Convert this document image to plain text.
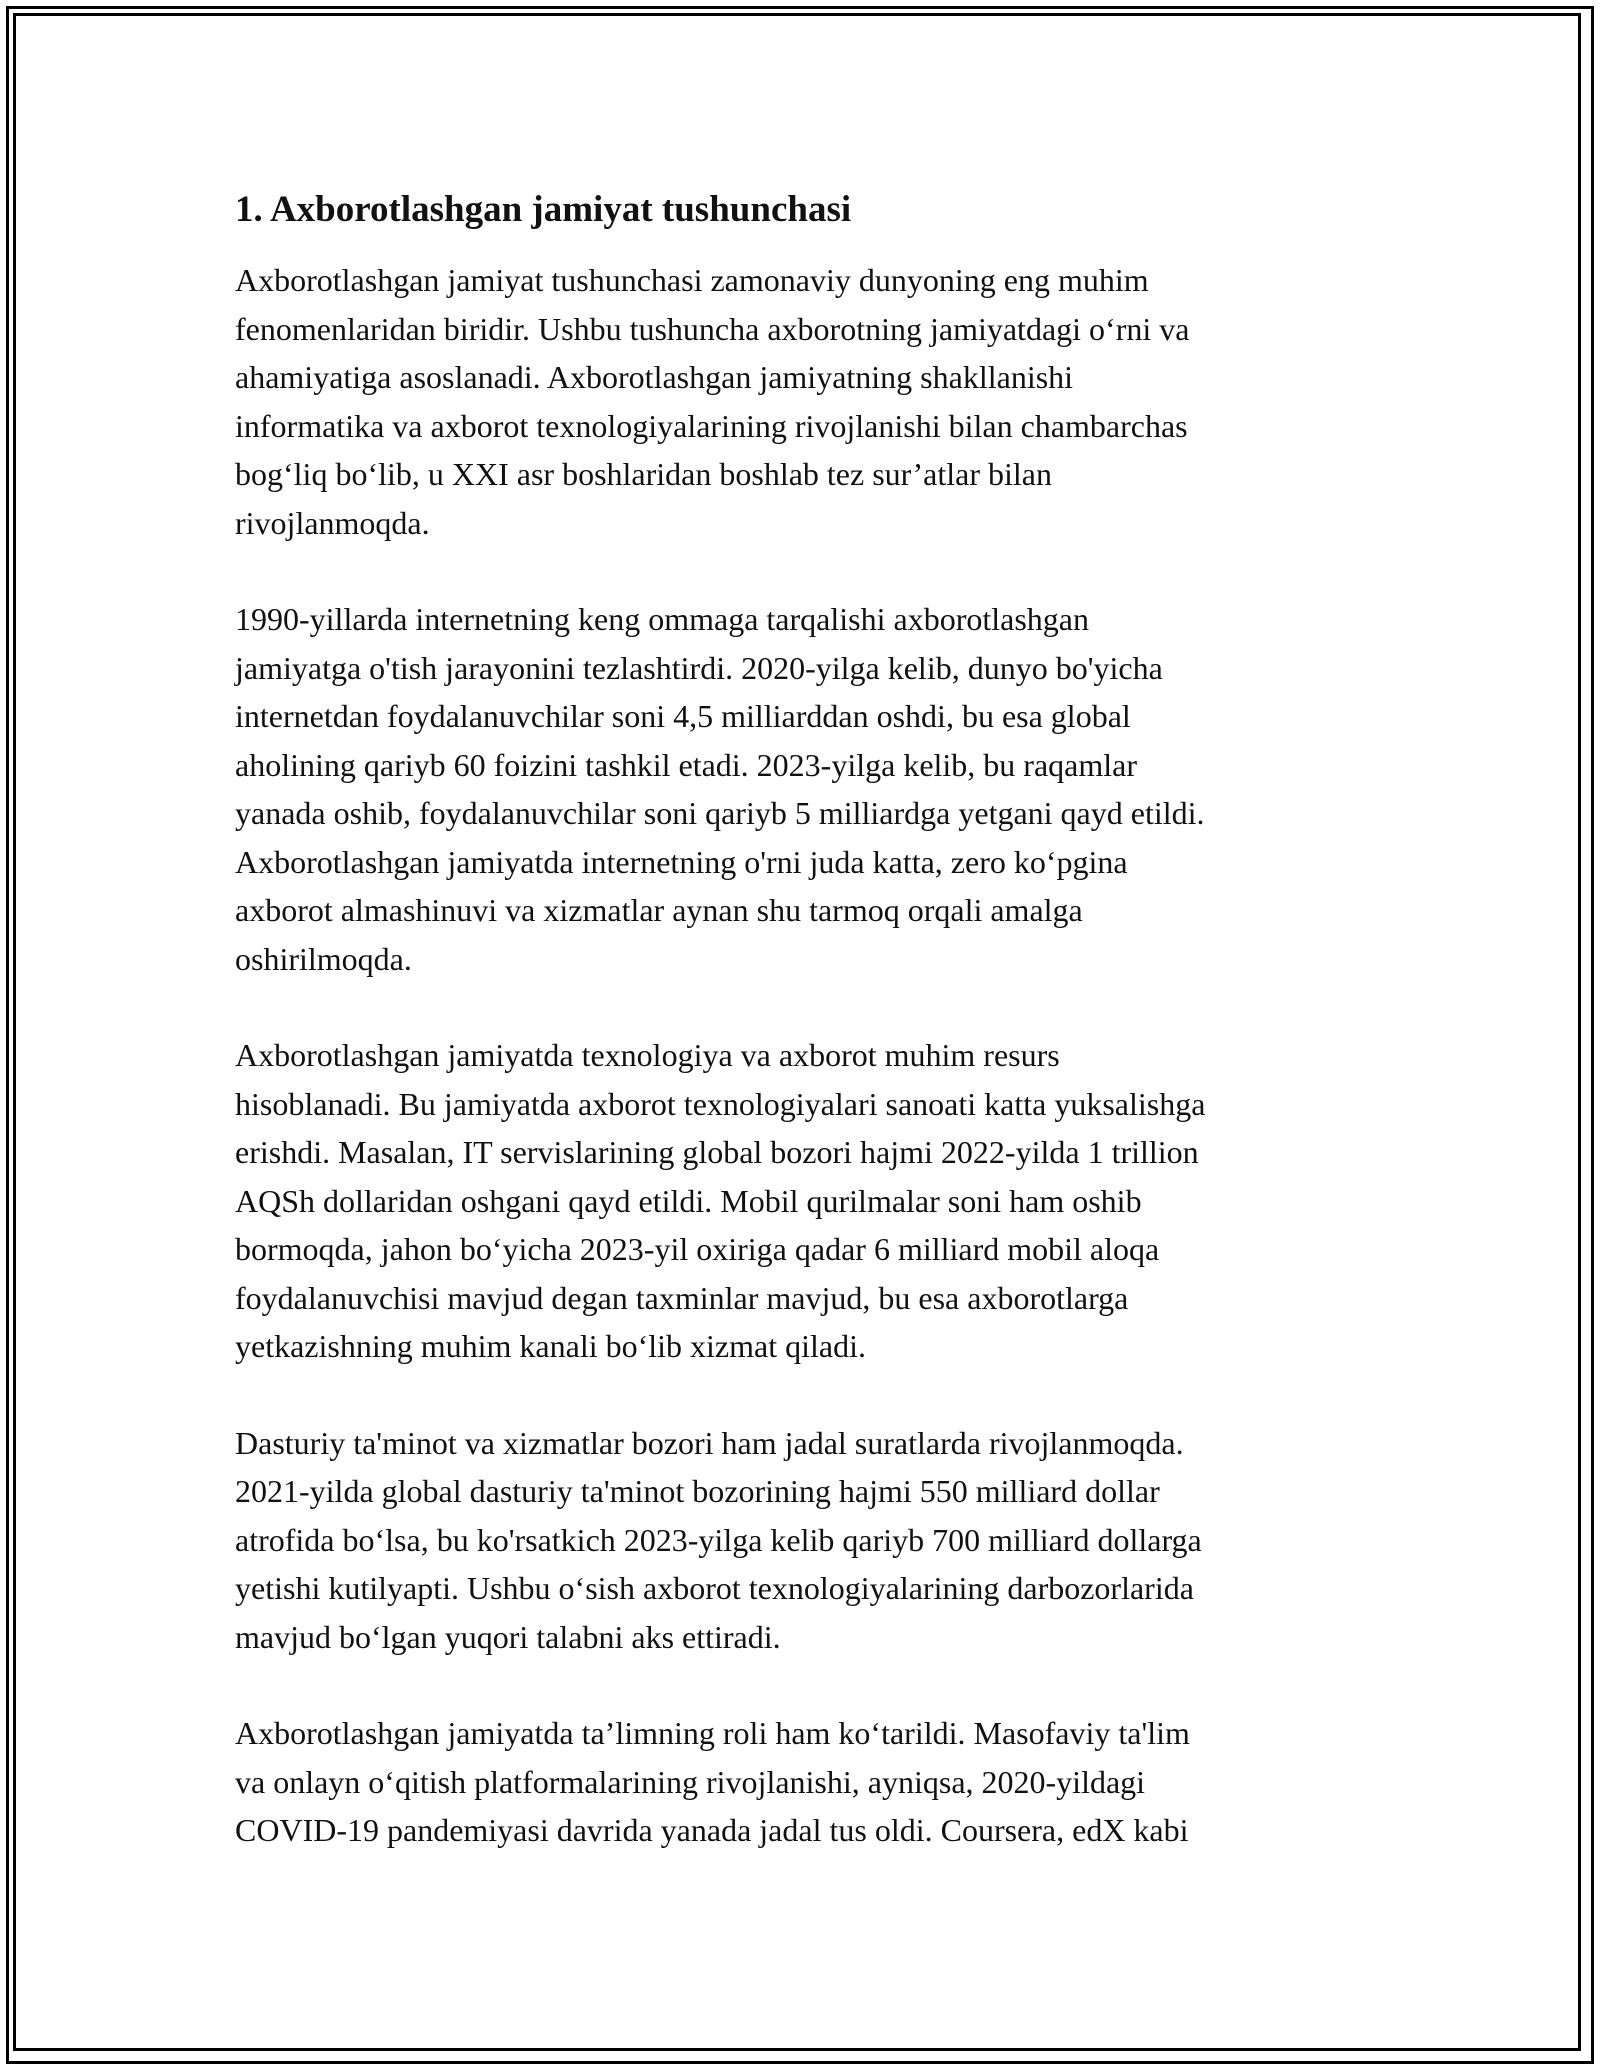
1. Axborotlashgan jamiyat tushunchasi

Axborotlashgan jamiyat tushunchasi zamonaviy dunyoning eng muhim
fenomenlaridan biridir. Ushbu tushuncha axborotning jamiyatdagi o‘rni va
ahamiyatiga asoslanadi. Axborotlashgan jamiyatning shakllanishi
informatika va axborot texnologiyalarining rivojlanishi bilan chambarchas
bog‘liq bo‘lib, u XXI asr boshlaridan boshlab tez sur’atlar bilan
rivojlanmoqda.

1990-yillarda internetning keng ommaga tarqalishi axborotlashgan
jamiyatga o'tish jarayonini tezlashtirdi. 2020-yilga kelib, dunyo bo'yicha
internetdan foydalanuvchilar soni 4,5 milliarddan oshdi, bu esa global
aholining qariyb 60 foizini tashkil etadi. 2023-yilga kelib, bu raqamlar
yanada oshib, foydalanuvchilar soni qariyb 5 milliardga yetgani qayd etildi.
Axborotlashgan jamiyatda internetning o'rni juda katta, zero ko‘pgina
axborot almashinuvi va xizmatlar aynan shu tarmoq orqali amalga
oshirilmoqda.

Axborotlashgan jamiyatda texnologiya va axborot muhim resurs
hisoblanadi. Bu jamiyatda axborot texnologiyalari sanoati katta yuksalishga
erishdi. Masalan, IT servislarining global bozori hajmi 2022-yilda 1 trillion
AQSh dollaridan oshgani qayd etildi. Mobil qurilmalar soni ham oshib
bormoqda, jahon bo‘yicha 2023-yil oxiriga qadar 6 milliard mobil aloqa
foydalanuvchisi mavjud degan taxminlar mavjud, bu esa axborotlarga
yetkazishning muhim kanali bo‘lib xizmat qiladi.

Dasturiy ta'minot va xizmatlar bozori ham jadal suratlarda rivojlanmoqda.
2021-yilda global dasturiy ta'minot bozorining hajmi 550 milliard dollar
atrofida bo‘lsa, bu ko'rsatkich 2023-yilga kelib qariyb 700 milliard dollarga
yetishi kutilyapti. Ushbu o‘sish axborot texnologiyalarining darbozorlarida
mavjud bo‘lgan yuqori talabni aks ettiradi.

Axborotlashgan jamiyatda ta’limning roli ham ko‘tarildi. Masofaviy ta'lim
va onlayn o‘qitish platformalarining rivojlanishi, ayniqsa, 2020-yildagi
COVID-19 pandemiyasi davrida yanada jadal tus oldi. Coursera, edX kabi
